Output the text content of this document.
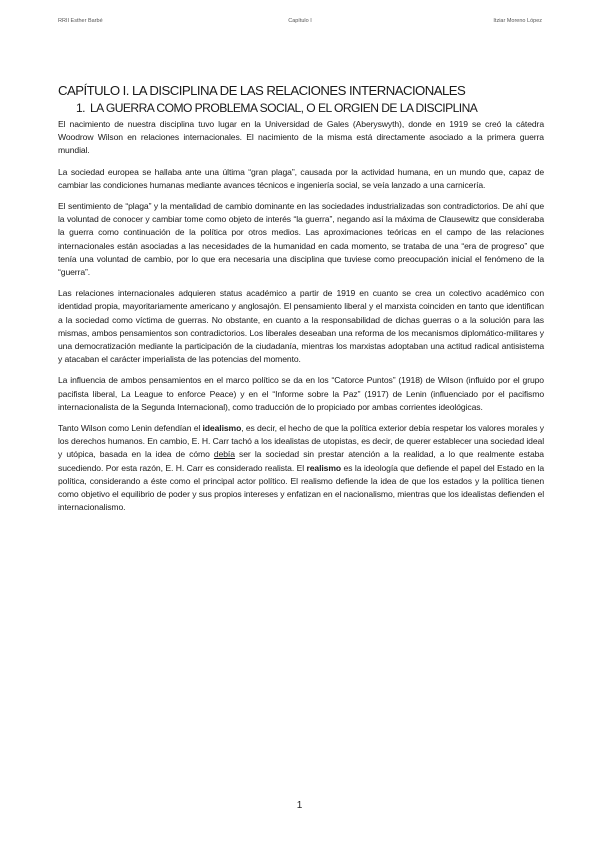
RRII Esther Barbé	Capítulo I	Itziar Moreno López
CAPÍTULO I. LA DISCIPLINA DE LAS RELACIONES INTERNACIONALES
1. LA GUERRA COMO PROBLEMA SOCIAL, O EL ORGIEN DE LA DISCIPLINA

El nacimiento de nuestra disciplina tuvo lugar en la Universidad de Gales (Aberyswyth), donde en 1919 se creó la cátedra Woodrow Wilson en relaciones internacionales. El nacimiento de la misma está directamente asociado a la primera guerra mundial.

La sociedad europea se hallaba ante una última “gran plaga”, causada por la actividad humana, en un mundo que, capaz de cambiar las condiciones humanas mediante avances técnicos e ingeniería social, se veía lanzado a una carnicería.

El sentimiento de “plaga” y la mentalidad de cambio dominante en las sociedades industrializadas son contradictorios. De ahí que la voluntad de conocer y cambiar tome como objeto de interés “la guerra”, negando así la máxima de Clausewitz que consideraba la guerra como continuación de la política por otros medios. Las aproximaciones teóricas en el campo de las relaciones internacionales están asociadas a las necesidades de la humanidad en cada momento, se trataba de una “era de progreso” que tenía una voluntad de cambio, por lo que era necesaria una disciplina que tuviese como preocupación inicial el fenómeno de la “guerra”.

Las relaciones internacionales adquieren status académico a partir de 1919 en cuanto se crea un colectivo académico con identidad propia, mayoritariamente americano y anglosajón. El pensamiento liberal y el marxista coinciden en tanto que identifican a la sociedad como víctima de guerras. No obstante, en cuanto a la responsabilidad de dichas guerras o a la solución para las mismas, ambos pensamientos son contradictorios. Los liberales deseaban una reforma de los mecanismos diplomático-militares y una democratización mediante la participación de la ciudadanía, mientras los marxistas adoptaban una actitud radical antisistema y atacaban el carácter imperialista de las potencias del momento.

La influencia de ambos pensamientos en el marco político se da en los “Catorce Puntos” (1918) de Wilson (influido por el grupo pacifista liberal, La League to enforce Peace) y en el “Informe sobre la Paz” (1917) de Lenin (influenciado por el pacifismo internacionalista de la Segunda Internacional), como traducción de lo propiciado por ambas corrientes ideológicas.

Tanto Wilson como Lenin defendían el idealismo, es decir, el hecho de que la política exterior debía respetar los valores morales y los derechos humanos. En cambio, E. H. Carr tachó a los idealistas de utopistas, es decir, de querer establecer una sociedad ideal y utópica, basada en la idea de cómo debía ser la sociedad sin prestar atención a la realidad, a lo que realmente estaba sucediendo. Por esta razón, E. H. Carr es considerado realista. El realismo es la ideología que defiende el papel del Estado en la política, considerando a éste como el principal actor político. El realismo defiende la idea de que los estados y la política tienen como objetivo el equilibrio de poder y sus propios intereses y enfatizan en el nacionalismo, mientras que los idealistas defienden el internacionalismo.

1
